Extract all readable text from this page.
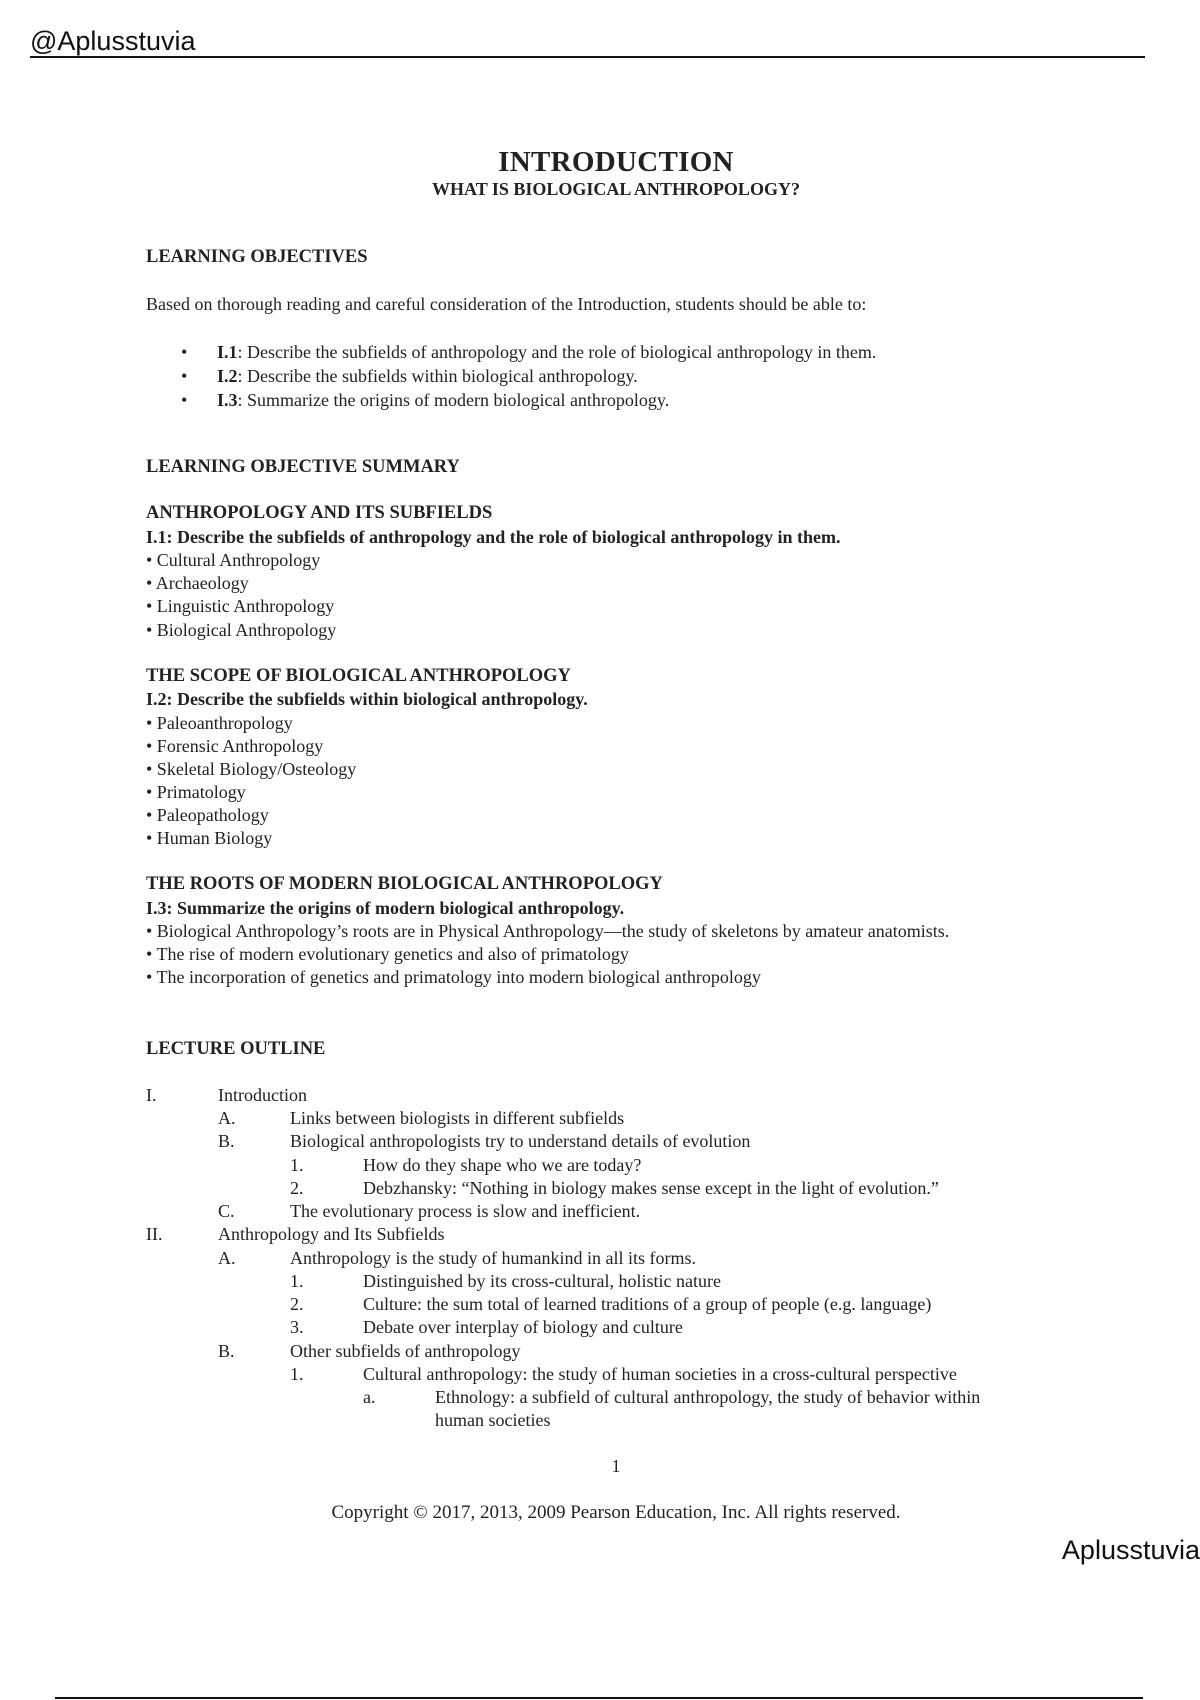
@Aplusstuvia
INTRODUCTION
WHAT IS BIOLOGICAL ANTHROPOLOGY?
LEARNING OBJECTIVES
Based on thorough reading and careful consideration of the Introduction, students should be able to:
• I.1: Describe the subfields of anthropology and the role of biological anthropology in them.
• I.2: Describe the subfields within biological anthropology.
• I.3: Summarize the origins of modern biological anthropology.
LEARNING OBJECTIVE SUMMARY
ANTHROPOLOGY AND ITS SUBFIELDS
I.1: Describe the subfields of anthropology and the role of biological anthropology in them.
• Cultural Anthropology
• Archaeology
• Linguistic Anthropology
• Biological Anthropology
THE SCOPE OF BIOLOGICAL ANTHROPOLOGY
I.2: Describe the subfields within biological anthropology.
• Paleoanthropology
• Forensic Anthropology
• Skeletal Biology/Osteology
• Primatology
• Paleopathology
• Human Biology
THE ROOTS OF MODERN BIOLOGICAL ANTHROPOLOGY
I.3: Summarize the origins of modern biological anthropology.
• Biological Anthropology’s roots are in Physical Anthropology—the study of skeletons by amateur anatomists.
• The rise of modern evolutionary genetics and also of primatology
• The incorporation of genetics and primatology into modern biological anthropology
LECTURE OUTLINE
I.	Introduction
A.	Links between biologists in different subfields
B.	Biological anthropologists try to understand details of evolution
1.	How do they shape who we are today?
2.	Debzhansky: “Nothing in biology makes sense except in the light of evolution.”
C.	The evolutionary process is slow and inefficient.
II.	Anthropology and Its Subfields
A.	Anthropology is the study of humankind in all its forms.
1.	Distinguished by its cross-cultural, holistic nature
2.	Culture: the sum total of learned traditions of a group of people (e.g. language)
3.	Debate over interplay of biology and culture
B.	Other subfields of anthropology
1.	Cultural anthropology: the study of human societies in a cross-cultural perspective
a.	Ethnology: a subfield of cultural anthropology, the study of behavior within
human societies
1
Copyright © 2017, 2013, 2009 Pearson Education, Inc. All rights reserved.
Aplusstuvia
